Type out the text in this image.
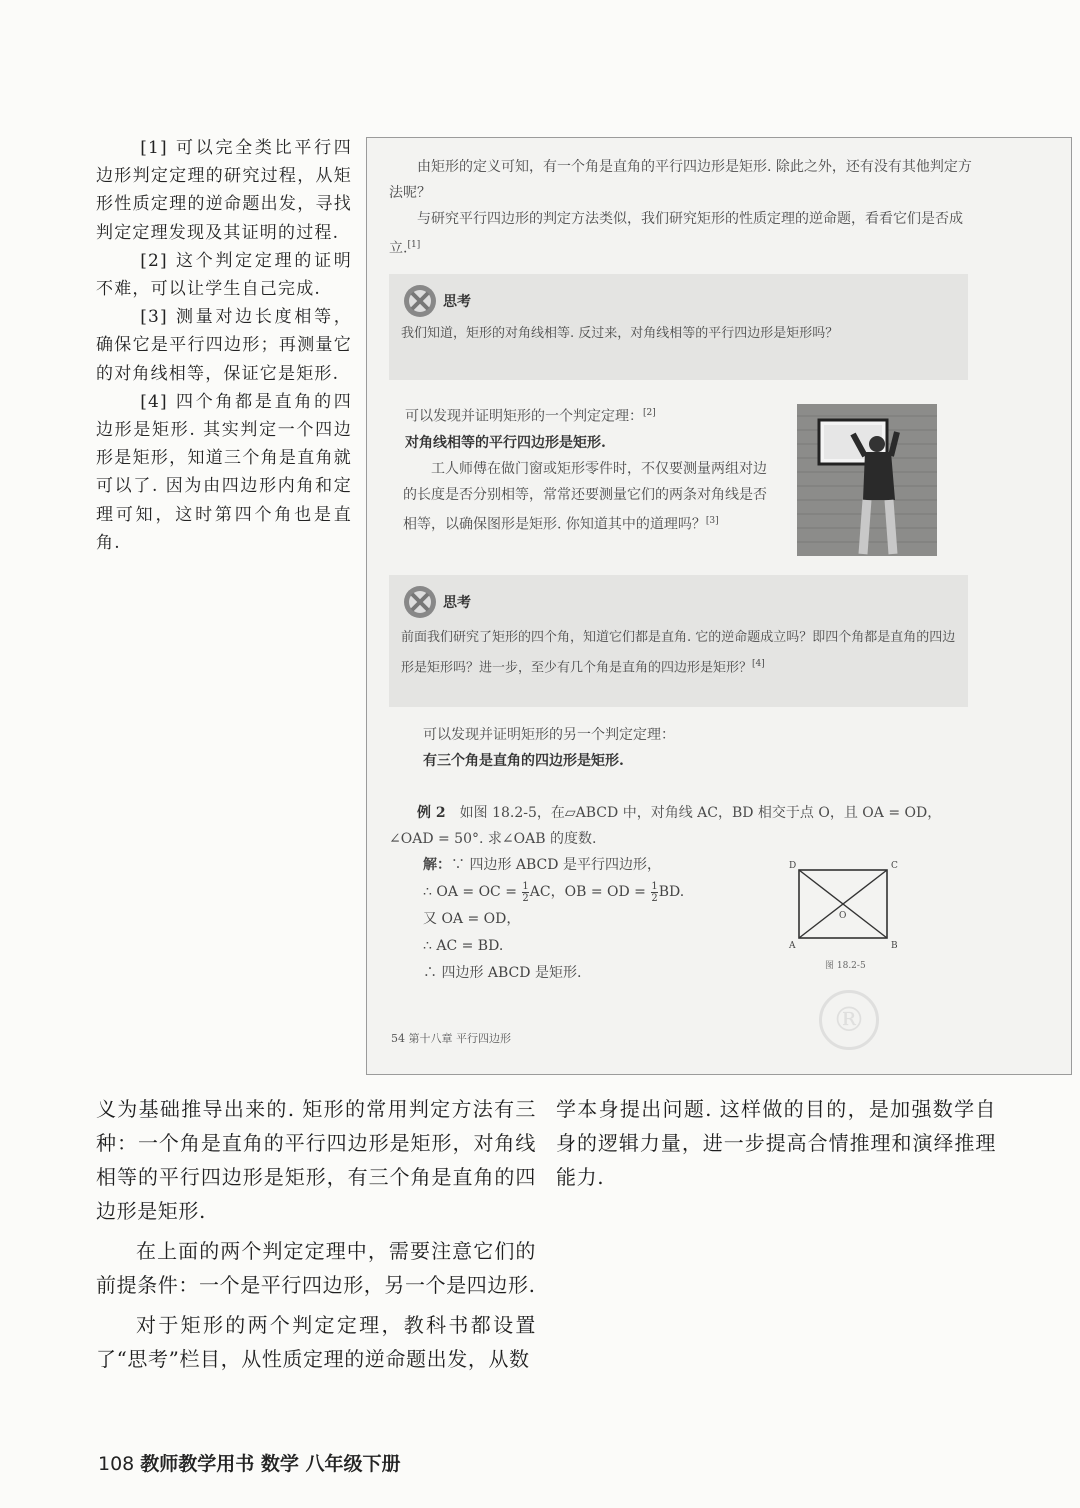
[1] 可以完全类比平行四边形判定定理的研究过程，从矩形性质定理的逆命题出发，寻找判定定理发现及其证明的过程.

[2] 这个判定定理的证明不难，可以让学生自己完成.

[3] 测量对边长度相等，确保它是平行四边形；再测量它的对角线相等，保证它是矩形.

[4] 四个角都是直角的四边形是矩形. 其实判定一个四边形是矩形，知道三个角是直角就可以了. 因为由四边形内角和定理可知，这时第四个角也是直角.

由矩形的定义可知，有一个角是直角的平行四边形是矩形. 除此之外，还有没有其他判定方法呢？

与研究平行四边形的判定方法类似，我们研究矩形的性质定理的逆命题，看看它们是否成立.[1]

思考
我们知道，矩形的对角线相等. 反过来，对角线相等的平行四边形是矩形吗？
可以发现并证明矩形的一个判定定理：[2]
对角线相等的平行四边形是矩形.

工人师傅在做门窗或矩形零件时，不仅要测量两组对边的长度是否分别相等，常常还要测量它们的两条对角线是否相等，以确保图形是矩形. 你知道其中的道理吗？[3]

思考
前面我们研究了矩形的四个角，知道它们都是直角. 它的逆命题成立吗？即四个角都是直角的四边形是矩形吗？进一步，至少有几个角是直角的四边形是矩形？[4]
可以发现并证明矩形的另一个判定定理：
有三个角是直角的四边形是矩形.

例 2　 如图 18.2-5，在▱ABCD 中，对角线 AC，BD 相交于点 O，且 OA = OD，∠OAD = 50°. 求∠OAB 的度数.

解：∵ 四边形 ABCD 是平行四边形，
∴ OA = OC = $\frac{1}{2}$ AC，OB = OD = $\frac{1}{2}$ BD.
又 OA = OD，
∴ AC = BD.
∴ 四边形 ABCD 是矩形.
D	C
A	B
O
图 18.2-5
®
54 第十八章 平行四边形

义为基础推导出来的. 矩形的常用判定方法有三种：一个角是直角的平行四边形是矩形，对角线相等的平行四边形是矩形，有三个角是直角的四边形是矩形.

在上面的两个判定定理中，需要注意它们的前提条件：一个是平行四边形，另一个是四边形.

对于矩形的两个判定定理，教科书都设置了“思考”栏目，从性质定理的逆命题出发，从数

学本身提出问题. 这样做的目的，是加强数学自身的逻辑力量，进一步提高合情推理和演绎推理能力.

108 教师教学用书 数学 八年级下册
